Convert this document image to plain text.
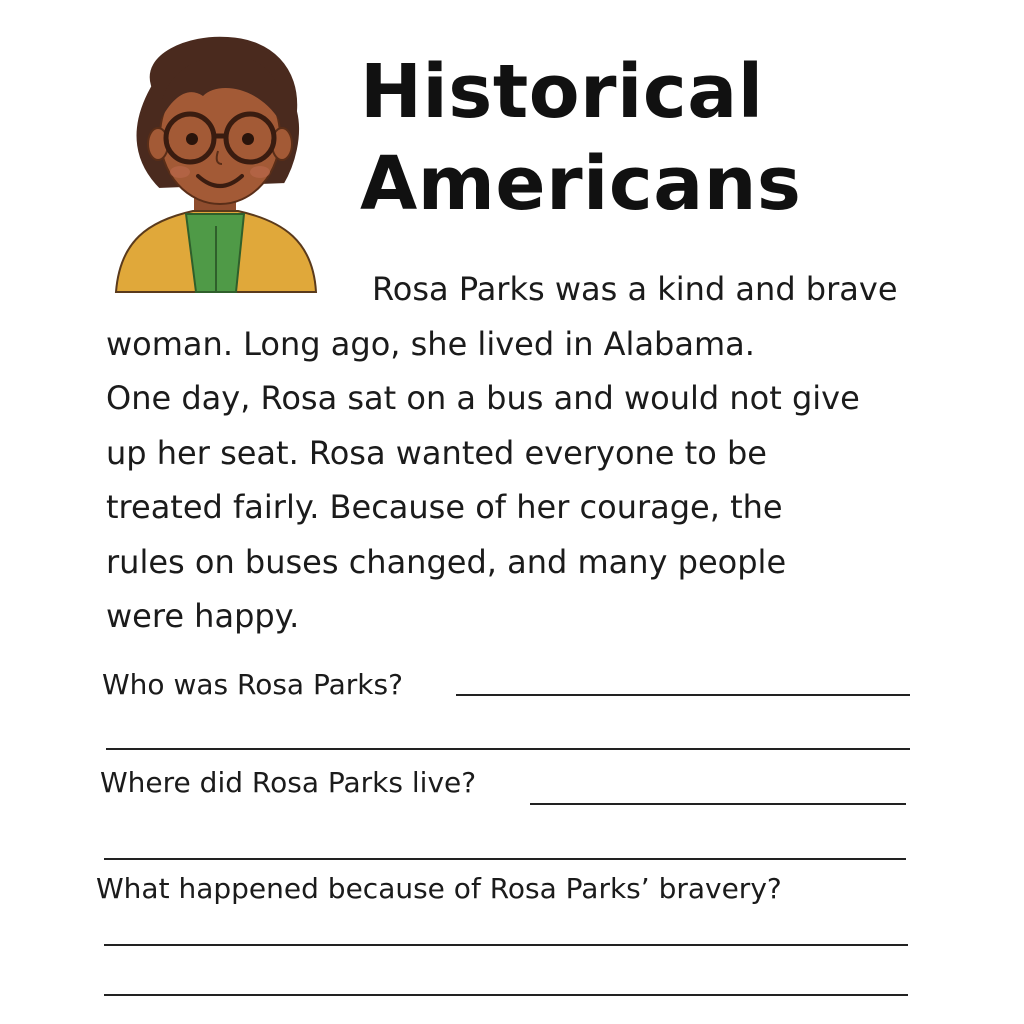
Historical
Americans
Rosa Parks was a kind and brave
woman. Long ago, she lived in Alabama.
One day, Rosa sat on a bus and would not give
up her seat. Rosa wanted everyone to be
treated fairly. Because of her courage, the
rules on buses changed, and many people
were happy.
Who was Rosa Parks?
Where did Rosa Parks live?
What happened because of Rosa Parks’ bravery?
